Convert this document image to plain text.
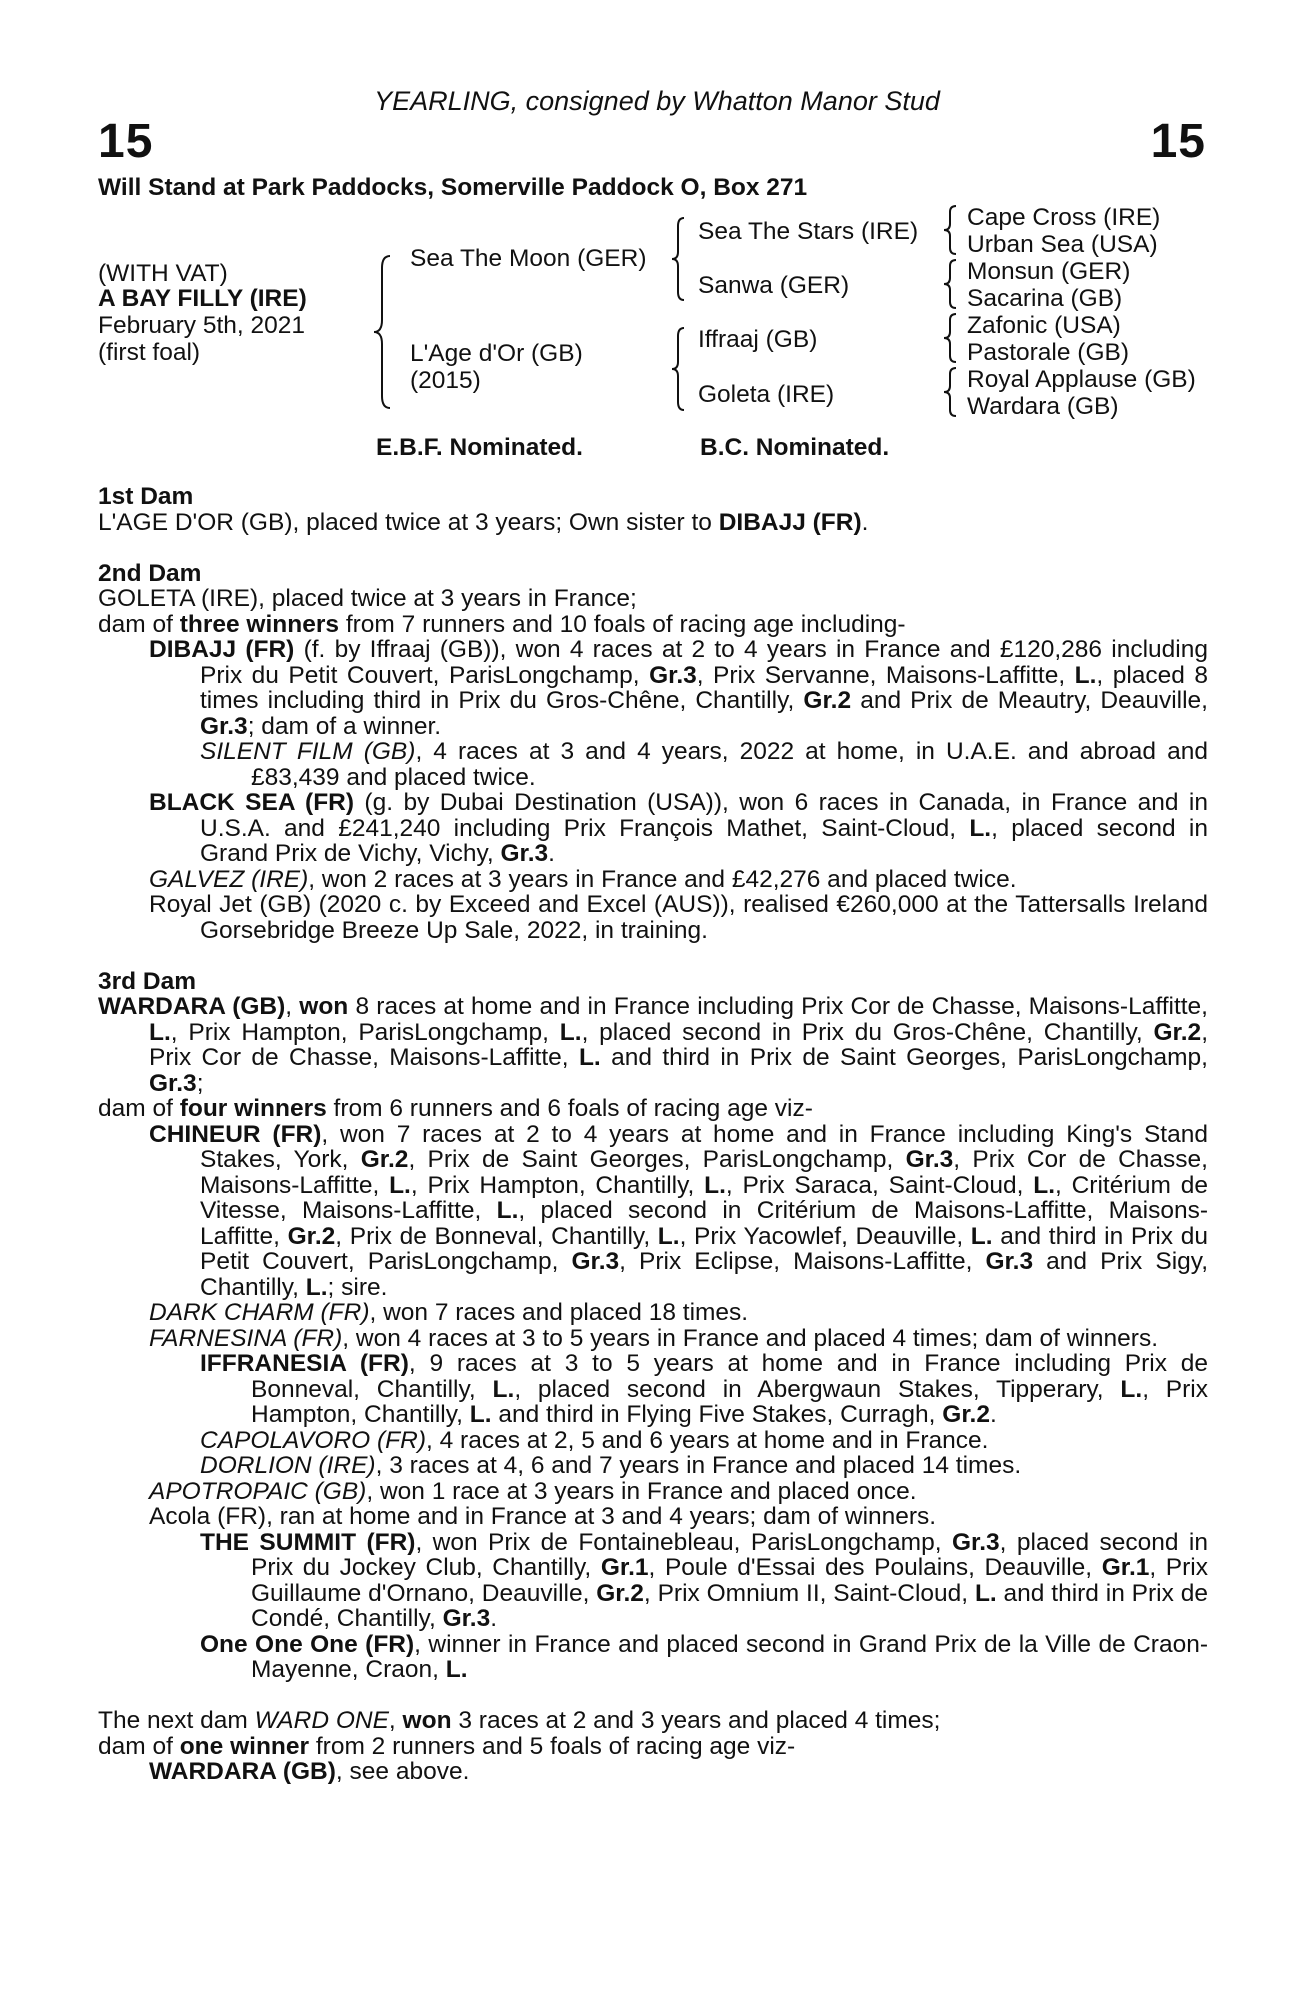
YEARLING, consigned by Whatton Manor Stud
15	15
Will Stand at Park Paddocks, Somerville Paddock O, Box 271
(WITH VAT)
A BAY FILLY (IRE)
February 5th, 2021
(first foal)
Sea The Moon (GER)
L'Age d'Or (GB)
(2015)
Sea The Stars (IRE)
Sanwa (GER)
Iffraaj (GB)
Goleta (IRE)
Cape Cross (IRE)
Urban Sea (USA)
Monsun (GER)
Sacarina (GB)
Zafonic (USA)
Pastorale (GB)
Royal Applause (GB)
Wardara (GB)
E.B.F. Nominated.	B.C. Nominated.

1st Dam

L'AGE D'OR (GB), placed twice at 3 years; Own sister to DIBAJJ (FR).

2nd Dam

GOLETA (IRE), placed twice at 3 years in France;

dam of three winners from 7 runners and 10 foals of racing age including-

DIBAJJ (FR) (f. by Iffraaj (GB)), won 4 races at 2 to 4 years in France and £120,286 including Prix du Petit Couvert, ParisLongchamp, Gr.3, Prix Servanne, Maisons-Laffitte, L., placed 8 times including third in Prix du Gros-Chêne, Chantilly, Gr.2 and Prix de Meautry, Deauville, Gr.3; dam of a winner.

SILENT FILM (GB), 4 races at 3 and 4 years, 2022 at home, in U.A.E. and abroad and £83,439 and placed twice.

BLACK SEA (FR) (g. by Dubai Destination (USA)), won 6 races in Canada, in France and in U.S.A. and £241,240 including Prix François Mathet, Saint-Cloud, L., placed second in Grand Prix de Vichy, Vichy, Gr.3.

GALVEZ (IRE), won 2 races at 3 years in France and £42,276 and placed twice.

Royal Jet (GB) (2020 c. by Exceed and Excel (AUS)), realised €260,000 at the Tattersalls Ireland Gorsebridge Breeze Up Sale, 2022, in training.

3rd Dam

WARDARA (GB), won 8 races at home and in France including Prix Cor de Chasse, Maisons-Laffitte, L., Prix Hampton, ParisLongchamp, L., placed second in Prix du Gros-Chêne, Chantilly, Gr.2, Prix Cor de Chasse, Maisons-Laffitte, L. and third in Prix de Saint Georges, ParisLongchamp, Gr.3;

dam of four winners from 6 runners and 6 foals of racing age viz-

CHINEUR (FR), won 7 races at 2 to 4 years at home and in France including King's Stand Stakes, York, Gr.2, Prix de Saint Georges, ParisLongchamp, Gr.3, Prix Cor de Chasse, Maisons-Laffitte, L., Prix Hampton, Chantilly, L., Prix Saraca, Saint-Cloud, L., Critérium de Vitesse, Maisons-Laffitte, L., placed second in Critérium de Maisons-Laffitte, Maisons-Laffitte, Gr.2, Prix de Bonneval, Chantilly, L., Prix Yacowlef, Deauville, L. and third in Prix du Petit Couvert, ParisLongchamp, Gr.3, Prix Eclipse, Maisons-Laffitte, Gr.3 and Prix Sigy, Chantilly, L.; sire.

DARK CHARM (FR), won 7 races and placed 18 times.

FARNESINA (FR), won 4 races at 3 to 5 years in France and placed 4 times; dam of winners.

IFFRANESIA (FR), 9 races at 3 to 5 years at home and in France including Prix de Bonneval, Chantilly, L., placed second in Abergwaun Stakes, Tipperary, L., Prix Hampton, Chantilly, L. and third in Flying Five Stakes, Curragh, Gr.2.

CAPOLAVORO (FR), 4 races at 2, 5 and 6 years at home and in France.

DORLION (IRE), 3 races at 4, 6 and 7 years in France and placed 14 times.

APOTROPAIC (GB), won 1 race at 3 years in France and placed once.

Acola (FR), ran at home and in France at 3 and 4 years; dam of winners.

THE SUMMIT (FR), won Prix de Fontainebleau, ParisLongchamp, Gr.3, placed second in Prix du Jockey Club, Chantilly, Gr.1, Poule d'Essai des Poulains, Deauville, Gr.1, Prix Guillaume d'Ornano, Deauville, Gr.2, Prix Omnium II, Saint-Cloud, L. and third in Prix de Condé, Chantilly, Gr.3.

One One One (FR), winner in France and placed second in Grand Prix de la Ville de Craon-Mayenne, Craon, L.

The next dam WARD ONE, won 3 races at 2 and 3 years and placed 4 times;

dam of one winner from 2 runners and 5 foals of racing age viz-

WARDARA (GB), see above.
